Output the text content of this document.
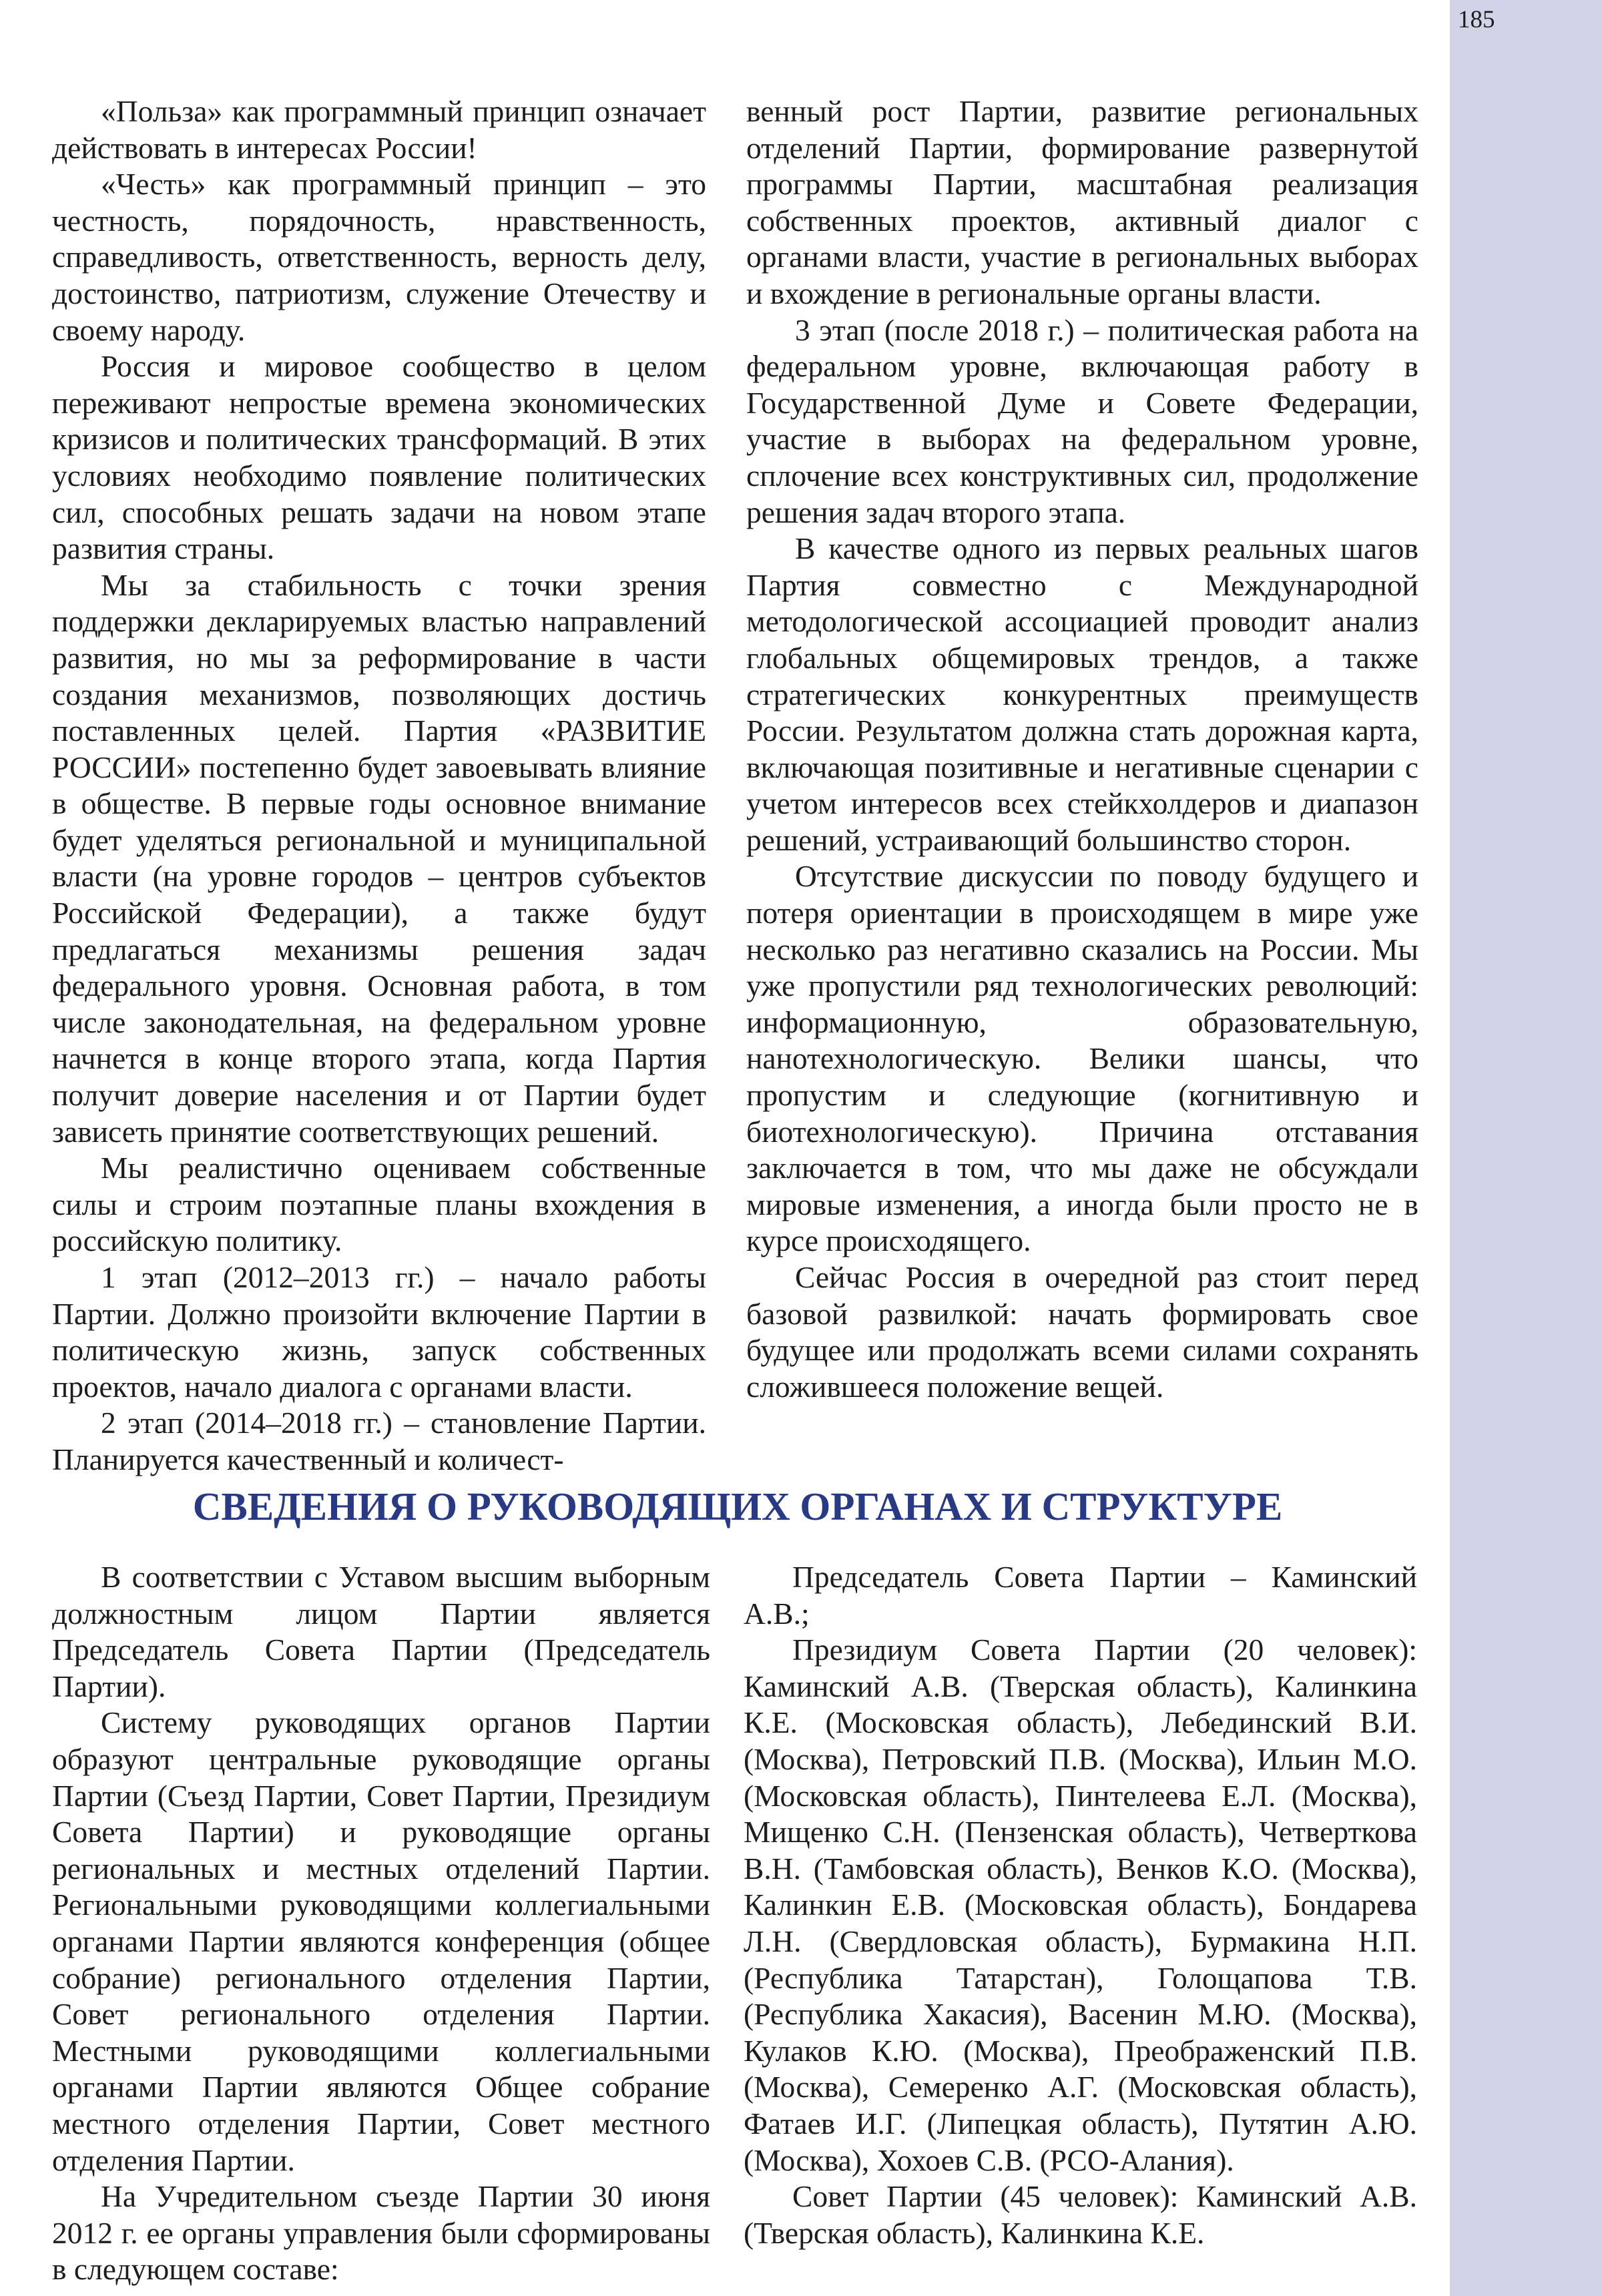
185

«Польза» как программный принцип означает действовать в интересах России!

«Честь» как программный принцип – это честность, порядочность, нравственность, справедливость, ответственность, верность делу, достоинство, патриотизм, служение Отечеству и своему народу.

Россия и мировое сообщество в целом переживают непростые времена экономических кризисов и политических трансформаций. В этих условиях необходимо появление политических сил, способных решать задачи на новом этапе развития страны.

Мы за стабильность с точки зрения поддержки декларируемых властью направлений развития, но мы за реформирование в части создания механизмов, позволяющих достичь поставленных целей. Партия «РАЗВИТИЕ РОССИИ» постепенно будет завоевывать влияние в обществе. В первые годы основное внимание будет уделяться региональной и муниципальной власти (на уровне городов – центров субъектов Российской Федерации), а также будут предлагаться механизмы решения задач федерального уровня. Основная работа, в том числе законодательная, на федеральном уровне начнется в конце второго этапа, когда Партия получит доверие населения и от Партии будет зависеть принятие соответствующих решений.

Мы реалистично оцениваем собственные силы и строим поэтапные планы вхождения в российскую политику.

1 этап (2012–2013 гг.) – начало работы Партии. Должно произойти включение Партии в политическую жизнь, запуск собственных проектов, начало диалога с органами власти.

2 этап (2014–2018 гг.) – становление Партии. Планируется качественный и количест-

венный рост Партии, развитие региональных отделений Партии, формирование развернутой программы Партии, масштабная реализация собственных проектов, активный диалог с органами власти, участие в региональных выборах и вхождение в региональные органы власти.

3 этап (после 2018 г.) – политическая работа на федеральном уровне, включающая работу в Государственной Думе и Совете Федерации, участие в выборах на федеральном уровне, сплочение всех конструктивных сил, продолжение решения задач второго этапа.

В качестве одного из первых реальных шагов Партия совместно с Международной методологической ассоциацией проводит анализ глобальных общемировых трендов, а также стратегических конкурентных преимуществ России. Результатом должна стать дорожная карта, включающая позитивные и негативные сценарии с учетом интересов всех стейкхолдеров и диапазон решений, устраивающий большинство сторон.

Отсутствие дискуссии по поводу будущего и потеря ориентации в происходящем в мире уже несколько раз негативно сказались на России. Мы уже пропустили ряд технологических революций: информационную, образовательную, нанотехнологическую. Велики шансы, что пропустим и следующие (когнитивную и биотехнологическую). Причина отставания заключается в том, что мы даже не обсуждали мировые изменения, а иногда были просто не в курсе происходящего.

Сейчас Россия в очередной раз стоит перед базовой развилкой: начать формировать свое будущее или продолжать всеми силами сохранять сложившееся положение вещей.

СВЕДЕНИЯ О РУКОВОДЯЩИХ ОРГАНАХ И СТРУКТУРЕ

В соответствии с Уставом высшим выборным должностным лицом Партии является Председатель Совета Партии (Председатель Партии).

Систему руководящих органов Партии образуют центральные руководящие органы Партии (Съезд Партии, Совет Партии, Президиум Совета Партии) и руководящие органы региональных и местных отделений Партии. Региональными руководящими коллегиальными органами Партии являются конференция (общее собрание) регионального отделения Партии, Совет регионального отделения Партии. Местными руководящими коллегиальными органами Партии являются Общее собрание местного отделения Партии, Совет местного отделения Партии.

На Учредительном съезде Партии 30 июня 2012 г. ее органы управления были сформированы в следующем составе:

Председатель Совета Партии – Каминский А.В.;

Президиум Совета Партии (20 человек): Каминский А.В. (Тверская область), Калинкина К.Е. (Московская область), Лебединский В.И. (Москва), Петровский П.В. (Москва), Ильин М.О. (Московская область), Пинтелеева Е.Л. (Москва), Мищенко С.Н. (Пензенская область), Четверткова В.Н. (Тамбовская область), Венков К.О. (Москва), Калинкин Е.В. (Московская область), Бондарева Л.Н. (Свердловская область), Бурмакина Н.П. (Республика Татарстан), Голощапова Т.В. (Республика Хакасия), Васенин М.Ю. (Москва), Кулаков К.Ю. (Москва), Преображенский П.В. (Москва), Семеренко А.Г. (Московская область), Фатаев И.Г. (Липецкая область), Путятин А.Ю. (Москва), Хохоев С.В. (РСО-Алания).

Совет Партии (45 человек): Каминский А.В. (Тверская область), Калинкина К.Е.
